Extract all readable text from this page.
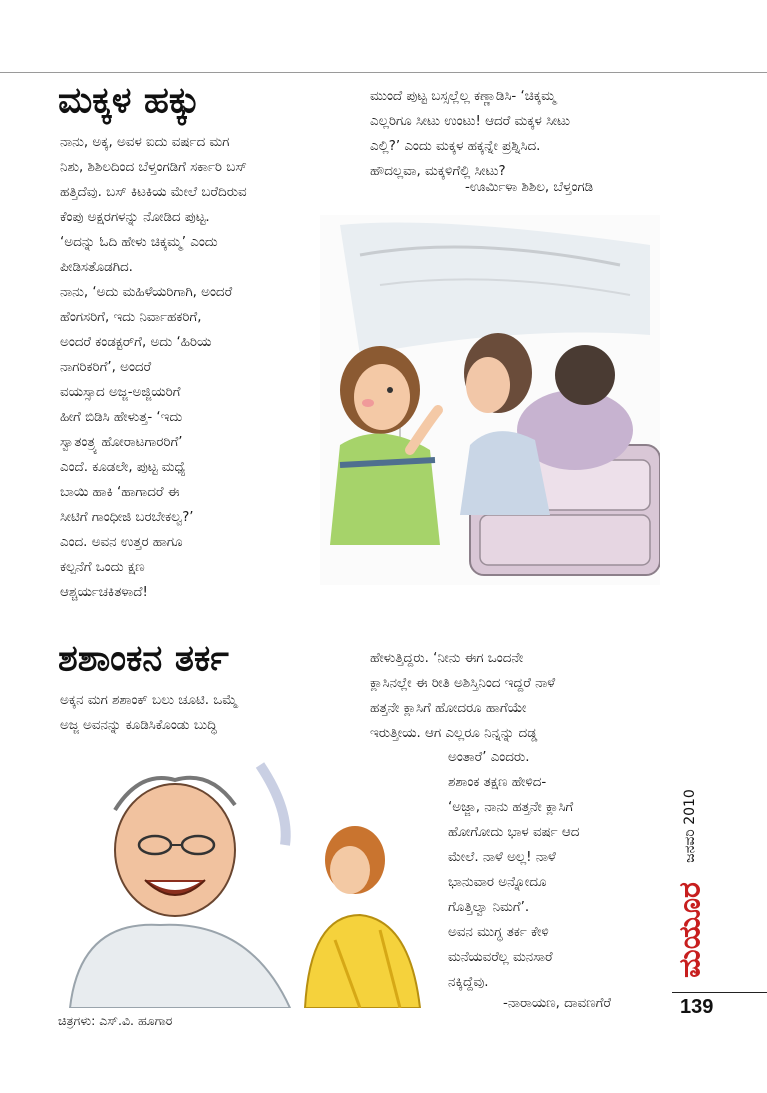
ಮಕ್ಕಳ ಹಕ್ಕು
ನಾನು, ಅಕ್ಕ, ಅವಳ ಐದು ವರ್ಷದ ಮಗ
ನಿಶು, ಶಿಶಿಲದಿಂದ ಬೆಳ್ತಂಗಡಿಗೆ ಸರ್ಕಾರಿ ಬಸ್
ಹತ್ತಿದೆವು. ಬಸ್ ಕಿಟಕಿಯ ಮೇಲೆ ಬರೆದಿರುವ
ಕೆಂಪು ಅಕ್ಷರಗಳನ್ನು ನೋಡಿದ ಪುಟ್ಟ.
‘ಅದನ್ನು ಓದಿ ಹೇಳು ಚಿಕ್ಕಮ್ಮ’ ಎಂದು
ಪೀಡಿಸತೊಡಗಿದ.
ನಾನು, ‘ಅದು ಮಹಿಳೆಯರಿಗಾಗಿ, ಅಂದರೆ
ಹೆಂಗಸರಿಗೆ, ಇದು ನಿರ್ವಾಹಕರಿಗೆ,
ಅಂದರೆ ಕಂಡಕ್ಟರ್‌ಗೆ, ಅದು ‘ಹಿರಿಯ
ನಾಗರಿಕರಿಗೆ’, ಅಂದರೆ
ವಯಸ್ಸಾದ ಅಜ್ಜ-ಅಜ್ಜಿಯರಿಗೆ
ಹೀಗೆ ಬಿಡಿಸಿ ಹೇಳುತ್ತ- ‘ಇದು
ಸ್ವಾತಂತ್ರ್ಯ ಹೋರಾಟಗಾರರಿಗೆ’
ಎಂದೆ. ಕೂಡಲೇ, ಪುಟ್ಟ ಮಧ್ಯೆ
ಬಾಯಿ ಹಾಕಿ ‘ಹಾಗಾದರೆ ಈ
ಸೀಟಿಗೆ ಗಾಂಧೀಜಿ ಬರಬೇಕಲ್ವ?’
ಎಂದ. ಅವನ ಉತ್ತರ ಹಾಗೂ
ಕಲ್ಪನೆಗೆ ಒಂದು ಕ್ಷಣ
ಆಶ್ಚರ್ಯಚಕಿತಳಾದೆ!
ಮುಂದೆ ಪುಟ್ಟ ಬಸ್ಸಲ್ಲೆಲ್ಲ ಕಣ್ಣಾಡಿಸಿ- ‘ಚಿಕ್ಕಮ್ಮ
ಎಲ್ಲರಿಗೂ ಸೀಟು ಉಂಟು! ಆದರೆ ಮಕ್ಕಳ ಸೀಟು
ಎಲ್ಲಿ?’ ಎಂದು ಮಕ್ಕಳ ಹಕ್ಕನ್ನೇ ಪ್ರಶ್ನಿಸಿದ.
ಹೌದಲ್ಲವಾ, ಮಕ್ಕಳಿಗೆಲ್ಲಿ ಸೀಟು?
-ಊರ್ಮಿಳಾ ಶಿಶಿಲ, ಬೆಳ್ತಂಗಡಿ
ಶಶಾಂಕನ ತರ್ಕ
ಅಕ್ಕನ ಮಗ ಶಶಾಂಕ್ ಬಲು ಚೂಟಿ. ಒಮ್ಮೆ
ಅಜ್ಜ ಅವನನ್ನು ಕೂಡಿಸಿಕೊಂಡು ಬುದ್ಧಿ
ಹೇಳುತ್ತಿದ್ದರು. ‘ನೀನು ಈಗ ಒಂದನೇ
ಕ್ಲಾಸಿನಲ್ಲೇ ಈ ರೀತಿ ಅಶಿಸ್ತಿನಿಂದ ಇದ್ದರೆ ನಾಳೆ
ಹತ್ತನೇ ಕ್ಲಾಸಿಗೆ ಹೋದರೂ ಹಾಗೆಯೇ
ಇರುತ್ತೀಯ. ಆಗ ಎಲ್ಲರೂ ನಿನ್ನನ್ನು ದಡ್ಡ
ಅಂತಾರೆ’ ಎಂದರು.
ಶಶಾಂಕ ತಕ್ಷಣ ಹೇಳಿದ-
‘ಅಜ್ಜಾ, ನಾನು ಹತ್ತನೇ ಕ್ಲಾಸಿಗೆ
ಹೋಗೋದು ಭಾಳ ವರ್ಷ ಆದ
ಮೇಲೆ. ನಾಳೆ ಅಲ್ಲ! ನಾಳೆ
ಭಾನುವಾರ ಅನ್ನೋದೂ
ಗೊತ್ತಿಲ್ವಾ ನಿಮಗೆ’.
ಅವನ ಮುಗ್ಧ ತರ್ಕ ಕೇಳಿ
ಮನೆಯವರೆಲ್ಲ ಮನಸಾರೆ
ನಕ್ಕಿದ್ದೆವು.
-ನಾರಾಯಣ, ದಾವಣಗೆರೆ
ಚಿತ್ರಗಳು: ಎಸ್.ವಿ. ಹೂಗಾರ
ಜನವರಿ 2010
ಮಯೂರ
139
